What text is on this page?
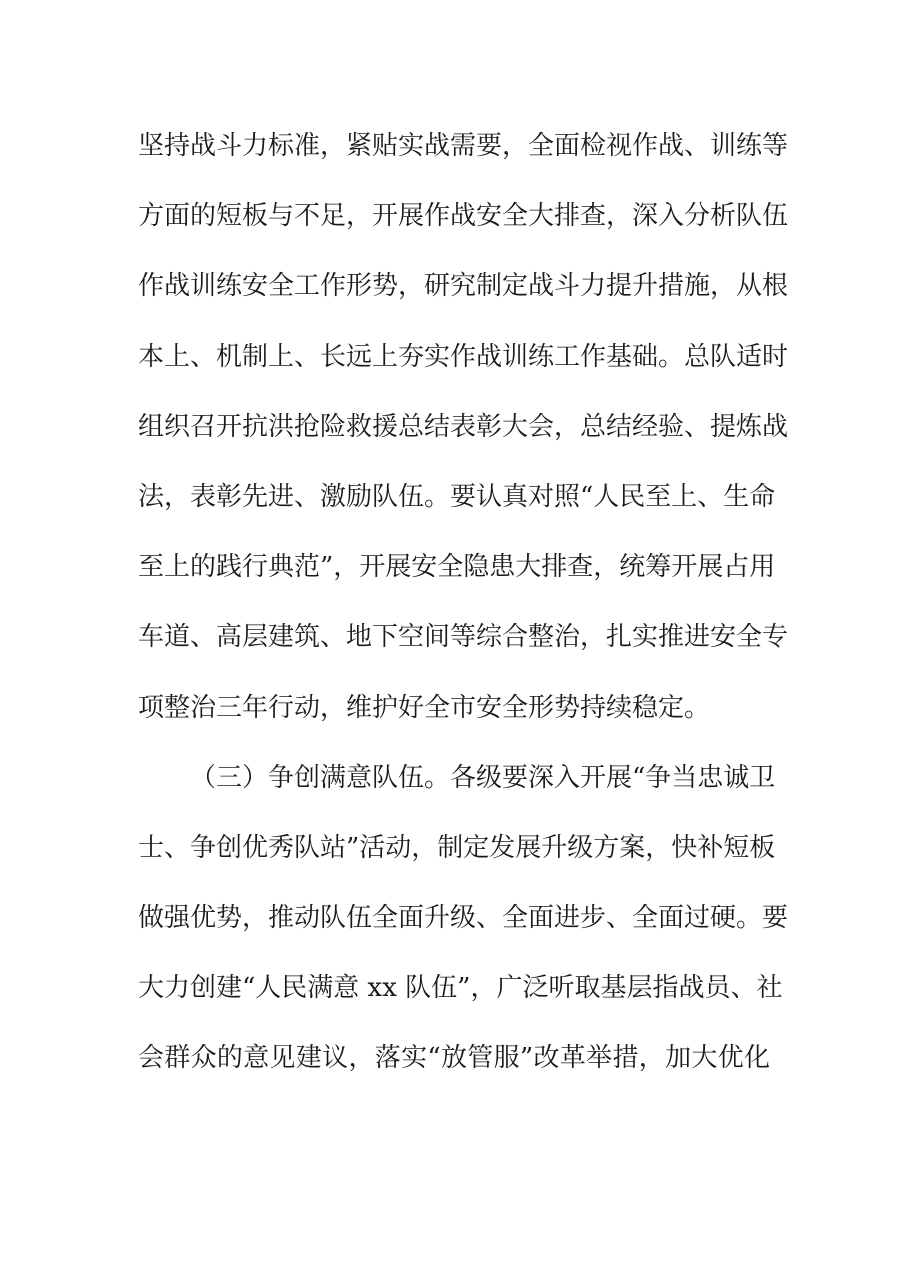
坚持战斗力标准，紧贴实战需要，全面检视作战、训练等
方面的短板与不足，开展作战安全大排查，深入分析队伍
作战训练安全工作形势，研究制定战斗力提升措施，从根
本上、机制上、长远上夯实作战训练工作基础。总队适时
组织召开抗洪抢险救援总结表彰大会，总结经验、提炼战
法，表彰先进、激励队伍。要认真对照“人民至上、生命
至上的践行典范”，开展安全隐患大排查，统筹开展占用
车道、高层建筑、地下空间等综合整治，扎实推进安全专
项整治三年行动，维护好全市安全形势持续稳定。
（三）争创满意队伍。各级要深入开展“争当忠诚卫
士、争创优秀队站”活动，制定发展升级方案，快补短板
做强优势，推动队伍全面升级、全面进步、全面过硬。要
大力创建“人民满意 xx 队伍”，广泛听取基层指战员、社
会群众的意见建议，落实“放管服”改革举措，加大优化
